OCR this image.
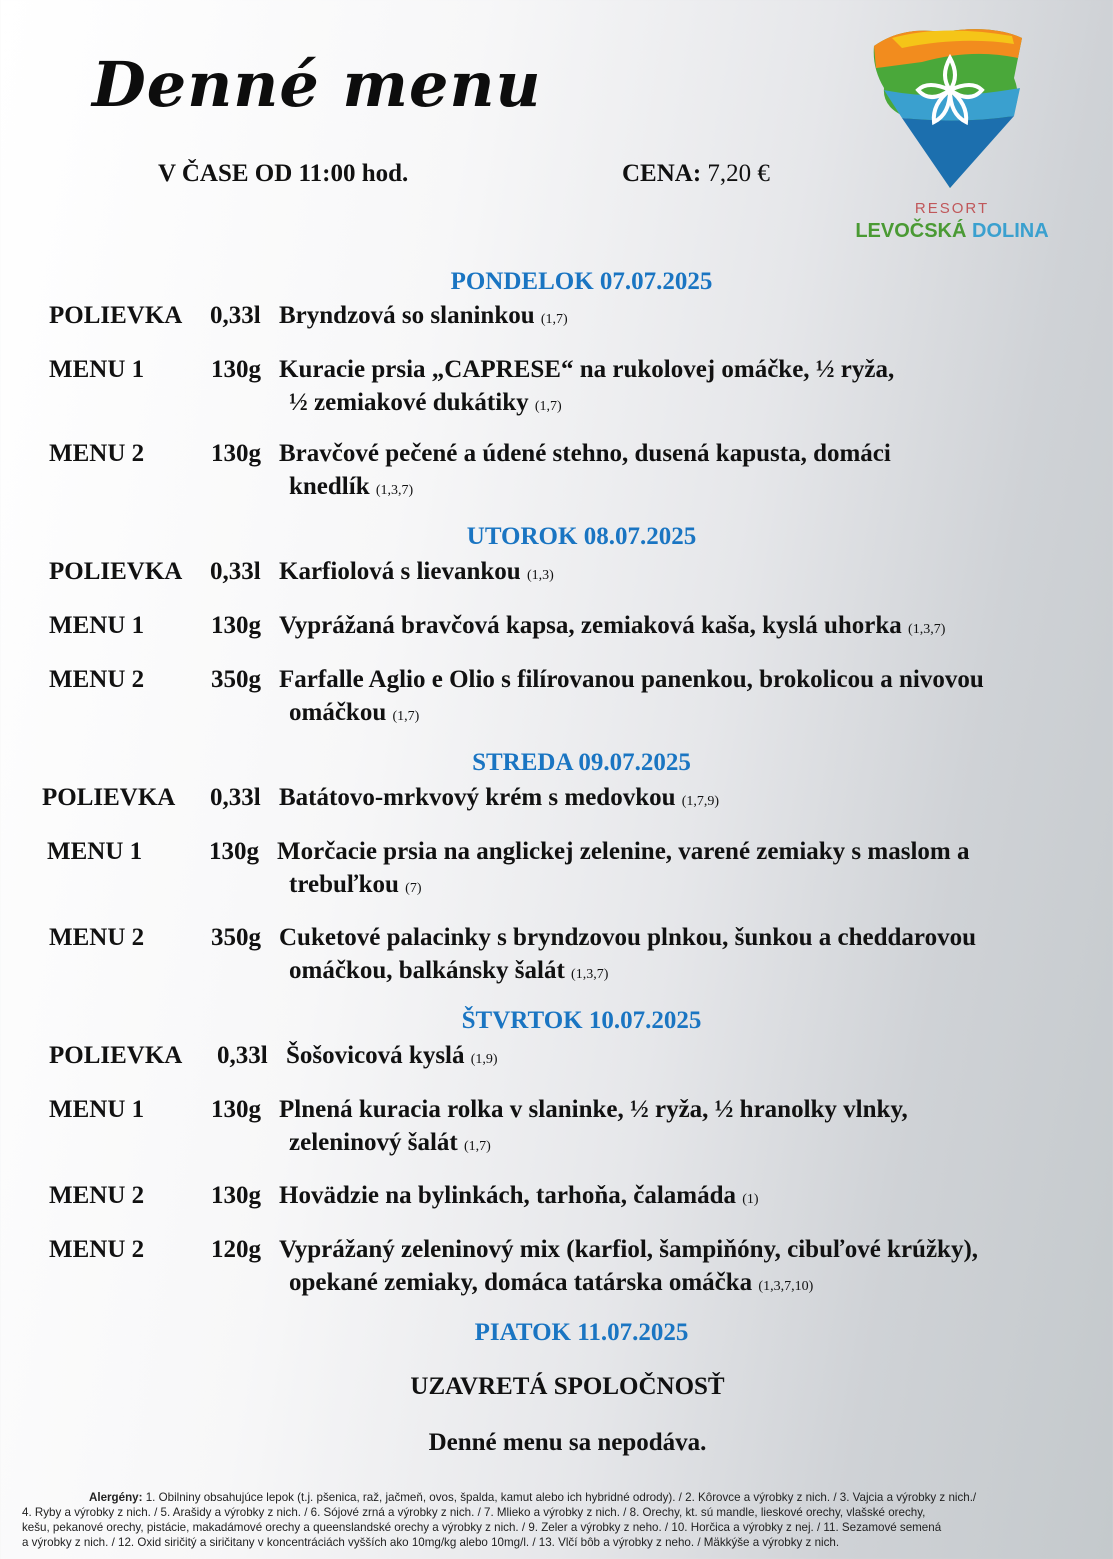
Denné menu
V ČASE OD 11:00 hod.	CENA: 7,20 €
RESORT
LEVOČSKÁ DOLINA
PONDELOK 07.07.2025
POLIEVKA 0,33l Bryndzová so slaninkou (1,7)
MENU 1	130g Kuracie prsia „CAPRESE“ na rukolovej omáčke, ½ ryža,
½ zemiakové dukátiky (1,7)
MENU 2	130g Bravčové pečené a údené stehno, dusená kapusta, domáci
knedlík (1,3,7)
UTOROK 08.07.2025
POLIEVKA 0,33l Karfiolová s lievankou (1,3)
MENU 1	130g Vyprážaná bravčová kapsa, zemiaková kaša, kyslá uhorka (1,3,7)
MENU 2	350g Farfalle Aglio e Olio s filírovanou panenkou, brokolicou a nivovou
omáčkou (1,7)
STREDA 09.07.2025
POLIEVKA 0,33l Batátovo-mrkvový krém s medovkou (1,7,9)
MENU 1	130g Morčacie prsia na anglickej zelenine, varené zemiaky s maslom a
trebuľkou (7)
MENU 2	350g Cuketové palacinky s bryndzovou plnkou, šunkou a cheddarovou
omáčkou, balkánsky šalát (1,3,7)
ŠTVRTOK 10.07.2025
POLIEVKA 0,33l Šošovicová kyslá (1,9)
MENU 1	130g Plnená kuracia rolka v slaninke, ½ ryža, ½ hranolky vlnky,
zeleninový šalát (1,7)
MENU 2	130g Hovädzie na bylinkách, tarhoňa, čalamáda (1)
MENU 2	120g Vyprážaný zeleninový mix (karfiol, šampiňóny, cibuľové krúžky),
opekané zemiaky, domáca tatárska omáčka (1,3,7,10)
PIATOK 11.07.2025
UZAVRETÁ SPOLOČNOSŤ
Denné menu sa nepodáva.
Alergény: 1. Obilniny obsahujúce lepok (t.j. pšenica, raž, jačmeň, ovos, špalda, kamut alebo ich hybridné odrody). / 2. Kôrovce a výrobky z nich. / 3. Vajcia a výrobky z nich./
4. Ryby a výrobky z nich. / 5. Arašidy a výrobky z nich. / 6. Sójové zrná a výrobky z nich. / 7. Mlieko a výrobky z nich. / 8. Orechy, kt. sú mandle, lieskové orechy, vlašské orechy,
kešu, pekanové orechy, pistácie, makadámové orechy a queenslandské orechy a výrobky z nich. / 9. Zeler a výrobky z neho. / 10. Horčica a výrobky z nej. / 11. Sezamové semená
a výrobky z nich. / 12. Oxid siričitý a siričitany v koncentráciách vyšších ako 10mg/kg alebo 10mg/l. / 13. Vlčí bôb a výrobky z neho. / Mäkkýše a výrobky z nich.
